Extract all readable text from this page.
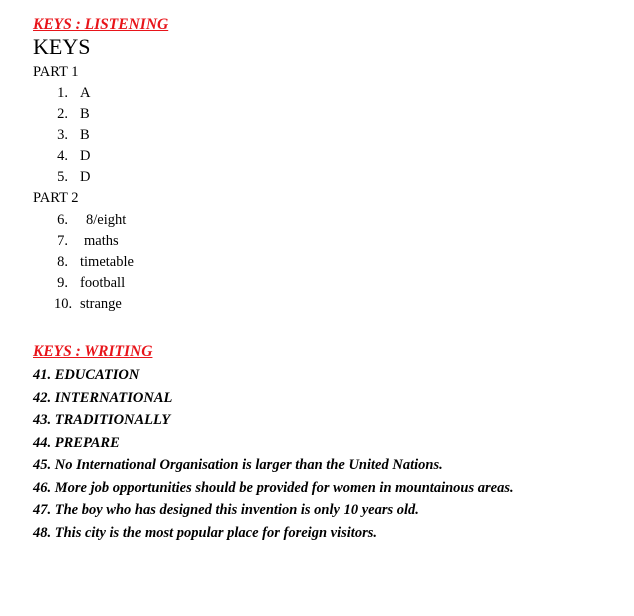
KEYS : LISTENING
KEYS
PART 1
1. A
2. B
3. B
4. D
5. D
PART 2
6. 8/eight
7. maths
8. timetable
9. football
10. strange
KEYS : WRITING
41. EDUCATION
42. INTERNATIONAL
43. TRADITIONALLY
44. PREPARE
45. No International Organisation is larger than the United Nations.
46. More job opportunities should be provided for women in mountainous areas.
47. The boy who has designed this invention is only 10 years old.
48. This city is the most popular place for foreign visitors.
